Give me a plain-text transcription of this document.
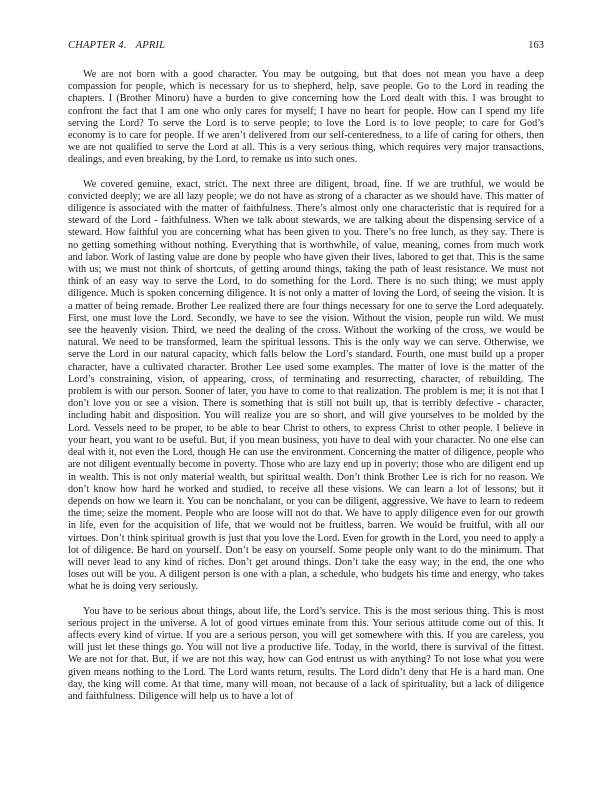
CHAPTER 4. APRIL	163

We are not born with a good character. You may be outgoing, but that does not mean you have a deep compassion for people, which is necessary for us to shepherd, help, save people. Go to the Lord in reading the chapters. I (Brother Minoru) have a burden to give concerning how the Lord dealt with this. I was brought to confront the fact that I am one who only cares for myself; I have no heart for people. How can I spend my life serving the Lord? To serve the Lord is to serve people; to love the Lord is to love people; to care for God’s economy is to care for people. If we aren’t delivered from our self-centeredness, to a life of caring for others, then we are not qualified to serve the Lord at all. This is a very serious thing, which requires very major transactions, dealings, and even breaking, by the Lord, to remake us into such ones.

We covered genuine, exact, strict. The next three are diligent, broad, fine. If we are truthful, we would be convicted deeply; we are all lazy people; we do not have as strong of a character as we should have. This matter of diligence is associated with the matter of faithfulness. There’s almost only one characteristic that is required for a steward of the Lord - faithfulness. When we talk about stewards, we are talking about the dispensing service of a steward. How faithful you are concerning what has been given to you. There’s no free lunch, as they say. There is no getting something without nothing. Everything that is worthwhile, of value, meaning, comes from much work and labor. Work of lasting value are done by people who have given their lives, labored to get that. This is the same with us; we must not think of shortcuts, of getting around things, taking the path of least resistance. We must not think of an easy way to serve the Lord, to do something for the Lord. There is no such thing; we must apply diligence. Much is spoken concerning diligence. It is not only a matter of loving the Lord, of seeing the vision. It is a matter of being remade. Brother Lee realized there are four things necessary for one to serve the Lord adequately. First, one must love the Lord. Secondly, we have to see the vision. Without the vision, people run wild. We must see the heavenly vision. Third, we need the dealing of the cross. Without the working of the cross, we would be natural. We need to be transformed, learn the spiritual lessons. This is the only way we can serve. Otherwise, we serve the Lord in our natural capacity, which falls below the Lord’s standard. Fourth, one must build up a proper character, have a cultivated character. Brother Lee used some examples. The matter of love is the matter of the Lord’s constraining, vision, of appearing, cross, of terminating and resurrecting, character, of rebuilding. The problem is with our person. Sooner of later, you have to come to that realization. The problem is me; it is not that I don’t love you or see a vision. There is something that is still not built up, that is terribly defective - character, including habit and disposition. You will realize you are so short, and will give yourselves to be molded by the Lord. Vessels need to be proper, to be able to bear Christ to others, to express Christ to other people. I believe in your heart, you want to be useful. But, if you mean business, you have to deal with your character. No one else can deal with it, not even the Lord, though He can use the environment. Concerning the matter of diligence, people who are not diligent eventually become in poverty. Those who are lazy end up in poverty; those who are diligent end up in wealth. This is not only material wealth, but spiritual wealth. Don’t think Brother Lee is rich for no reason. We don’t know how hard he worked and studied, to receive all these visions. We can learn a lot of lessons; but it depends on how we learn it. You can be nonchalant, or you can be diligent, aggressive. We have to learn to redeem the time; seize the moment. People who are loose will not do that. We have to apply diligence even for our growth in life, even for the acquisition of life, that we would not be fruitless, barren. We would be fruitful, with all our virtues. Don’t think spiritual growth is just that you love the Lord. Even for growth in the Lord, you need to apply a lot of diligence. Be hard on yourself. Don’t be easy on yourself. Some people only want to do the minimum. That will never lead to any kind of riches. Don’t get around things. Don’t take the easy way; in the end, the one who loses out will be you. A diligent person is one with a plan, a schedule, who budgets his time and energy, who takes what he is doing very seriously.

You have to be serious about things, about life, the Lord’s service. This is the most serious thing. This is most serious project in the universe. A lot of good virtues eminate from this. Your serious attitude come out of this. It affects every kind of virtue. If you are a serious person, you will get somewhere with this. If you are careless, you will just let these things go. You will not live a productive life. Today, in the world, there is survival of the fittest. We are not for that. But, if we are not this way, how can God entrust us with anything? To not lose what you were given means nothing to the Lord. The Lord wants return, results. The Lord didn’t deny that He is a hard man. One day, the king will come. At that time, many will moan, not because of a lack of spirituality, but a lack of diligence and faithfulness. Diligence will help us to have a lot of
